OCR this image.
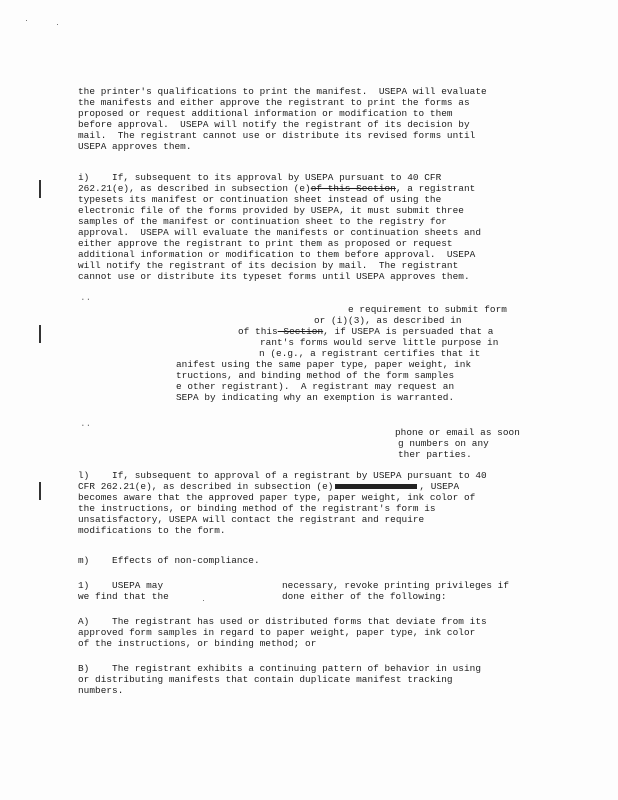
the printer's qualifications to print the manifest.  USEPA will evaluate
the manifests and either approve the registrant to print the forms as
proposed or request additional information or modification to them
before approval.  USEPA will notify the registrant of its decision by
mail.  The registrant cannot use or distribute its revised forms until
USEPA approves them.
i)    If, subsequent to its approval by USEPA pursuant to 40 CFR
262.21(e), as described in subsection (e)of this Section, a registrant
typesets its manifest or continuation sheet instead of using the
electronic file of the forms provided by USEPA, it must submit three
samples of the manifest or continuation sheet to the registry for
approval.  USEPA will evaluate the manifests or continuation sheets and
either approve the registrant to print them as proposed or request
additional information or modification to them before approval.  USEPA
will notify the registrant of its decision by mail.  The registrant
cannot use or distribute its typeset forms until USEPA approves them.
..
e requirement to submit form
or (i)(3), as described in
of this Section, if USEPA is persuaded that a
rant's forms would serve little purpose in
n (e.g., a registrant certifies that it
anifest using the same paper type, paper weight, ink
tructions, and binding method of the form samples
e other registrant).  A registrant may request an
SEPA by indicating why an exemption is warranted.
..
phone or email as soon
g numbers on any
ther parties.
l)    If, subsequent to approval of a registrant by USEPA pursuant to 40
CFR 262.21(e), as described in subsection (e)	, USEPA
becomes aware that the approved paper type, paper weight, ink color of
the instructions, or binding method of the registrant's form is
unsatisfactory, USEPA will contact the registrant and require
modifications to the form.
m)    Effects of non-compliance.
1)    USEPA may	necessary, revoke printing privileges if
we find that the	done either of the following:
A)    The registrant has used or distributed forms that deviate from its
approved form samples in regard to paper weight, paper type, ink color
of the instructions, or binding method; or
B)    The registrant exhibits a continuing pattern of behavior in using
or distributing manifests that contain duplicate manifest tracking
numbers.
